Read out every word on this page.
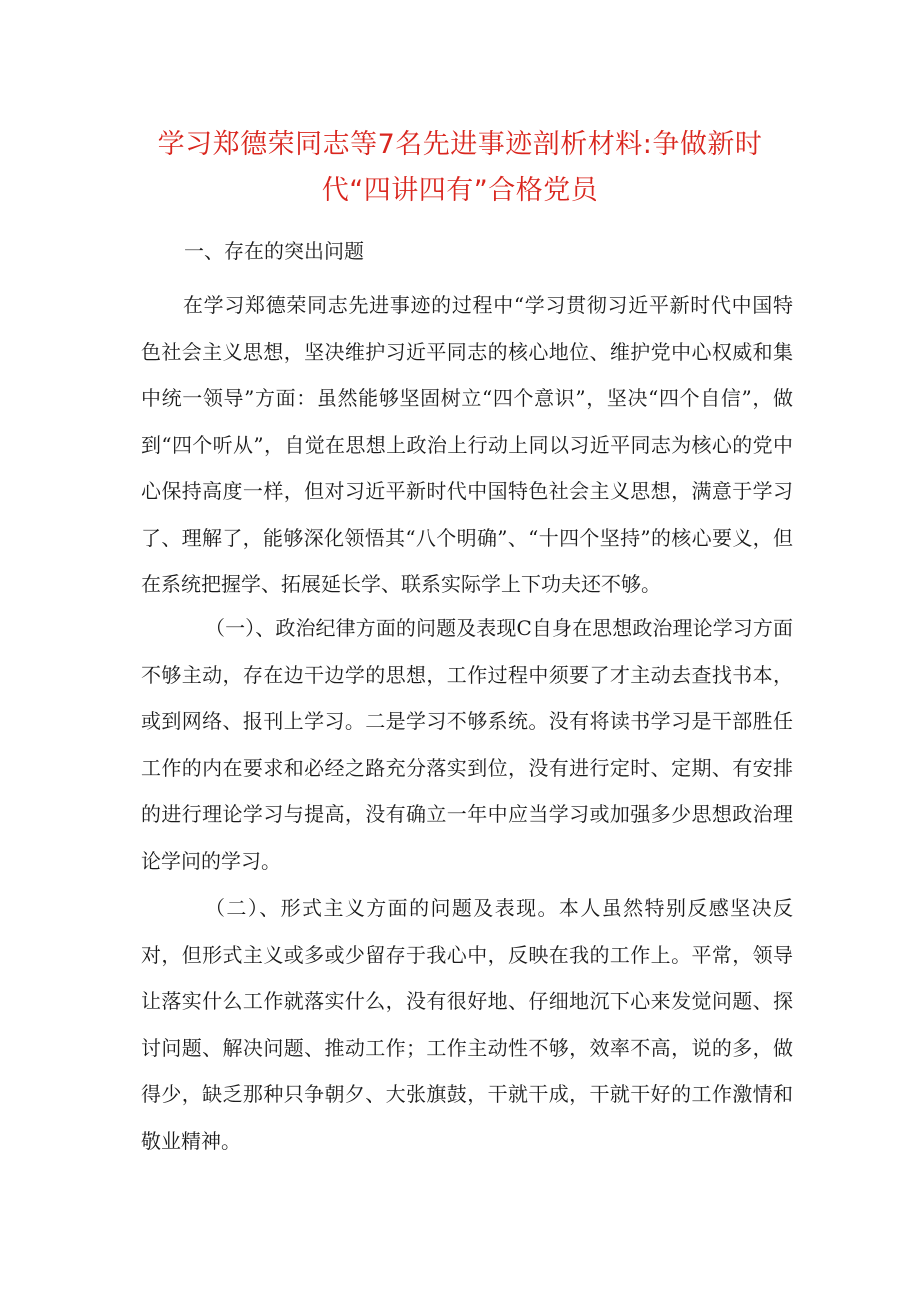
学习郑德荣同志等7名先进事迹剖析材料:争做新时
代“四讲四有”合格党员
一、存在的突出问题

在学习郑德荣同志先进事迹的过程中“学习贯彻习近平新时代中国特色社会主义思想，坚决维护习近平同志的核心地位、维护党中心权威和集中统一领导”方面：虽然能够坚固树立“四个意识”，坚决“四个自信”，做到“四个听从”，自觉在思想上政治上行动上同以习近平同志为核心的党中心保持高度一样，但对习近平新时代中国特色社会主义思想，满意于学习了、理解了，能够深化领悟其“八个明确”、“十四个坚持”的核心要义，但在系统把握学、拓展延长学、联系实际学上下功夫还不够。

（一）、政治纪律方面的问题及表现C自身在思想政治理论学习方面不够主动，存在边干边学的思想，工作过程中须要了才主动去查找书本，或到网络、报刊上学习。二是学习不够系统。没有将读书学习是干部胜任工作的内在要求和必经之路充分落实到位，没有进行定时、定期、有安排的进行理论学习与提高，没有确立一年中应当学习或加强多少思想政治理论学问的学习。

（二）、形式主义方面的问题及表现。本人虽然特别反感坚决反对，但形式主义或多或少留存于我心中，反映在我的工作上。平常，领导让落实什么工作就落实什么，没有很好地、仔细地沉下心来发觉问题、探讨问题、解决问题、推动工作；工作主动性不够，效率不高，说的多，做得少，缺乏那种只争朝夕、大张旗鼓，干就干成，干就干好的工作激情和敬业精神。
